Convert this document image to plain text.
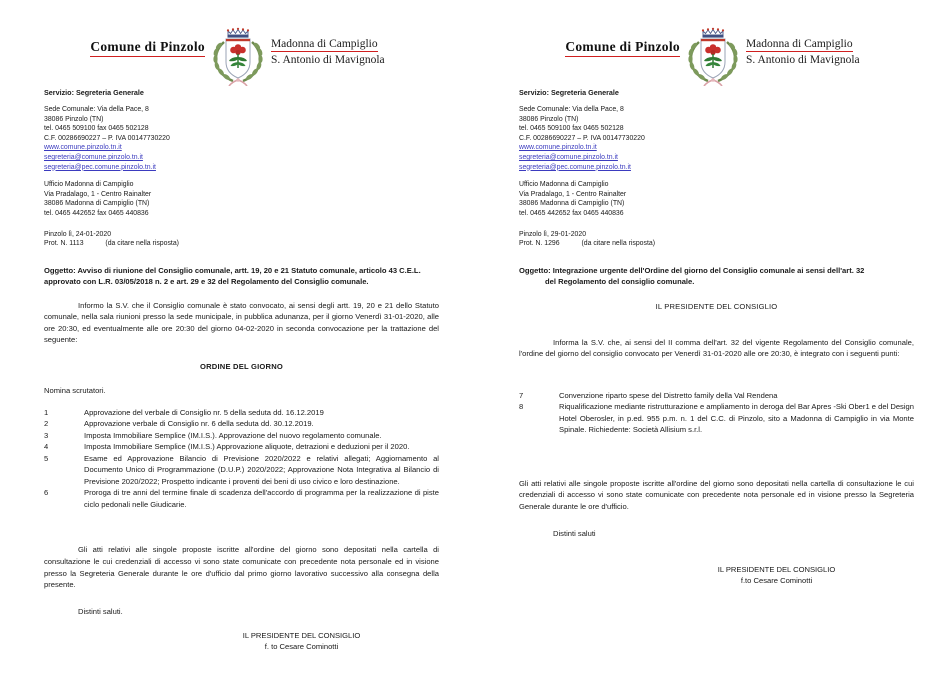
Comune di Pinzolo	Madonna di Campiglio
S. Antonio di Mavignola
Servizio: Segreteria Generale
Sede Comunale: Via della Pace, 8
38086 Pinzolo (TN)
tel. 0465 509100 fax 0465 502128
C.F. 00286690227 – P. IVA 00147730220
www.comune.pinzolo.tn.it
segreteria@comune.pinzolo.tn.it
segreteria@pec.comune.pinzolo.tn.it
Ufficio Madonna di Campiglio
Via Pradalago, 1 - Centro Rainalter
38086 Madonna di Campiglio (TN)
tel. 0465 442652 fax 0465 440836
Pinzolo lì, 24-01-2020
Prot. N. 1113	(da citare nella risposta)
Oggetto: Avviso di riunione del Consiglio comunale, artt. 19, 20 e 21 Statuto comunale, articolo 43 C.E.L.
approvato con L.R. 03/05/2018 n. 2 e art. 29 e 32 del Regolamento del Consiglio comunale.
Informo la S.V. che il Consiglio comunale è stato convocato, ai sensi degli artt. 19, 20 e 21 dello Statuto comunale, nella sala riunioni presso la sede municipale, in pubblica adunanza, per il giorno Venerdì 31-01-2020, alle ore 20:30, ed eventualmente alle ore 20:30 del giorno 04-02-2020 in seconda convocazione per la trattazione del seguente:
ORDINE DEL GIORNO
Nomina scrutatori.
1	Approvazione del verbale di Consiglio nr. 5 della seduta dd. 16.12.2019
2	Approvazione verbale di Consiglio nr. 6 della seduta dd. 30.12.2019.
3	Imposta Immobiliare Semplice (IM.I.S.). Approvazione del nuovo regolamento comunale.
4	Imposta Immobiliare Semplice (IM.I.S.) Approvazione aliquote, detrazioni e deduzioni per il 2020.
5	Esame ed Approvazione Bilancio di Previsione 2020/2022 e relativi allegati; Aggiornamento al Documento Unico di Programmazione (D.U.P.) 2020/2022; Approvazione Nota Integrativa al Bilancio di Previsione 2020/2022; Prospetto indicante i proventi dei beni di uso civico e loro destinazione.
6	Proroga di tre anni del termine finale di scadenza dell'accordo di programma per la realizzazione di piste ciclo pedonali nelle Giudicarie.
Gli atti relativi alle singole proposte iscritte all'ordine del giorno sono depositati nella cartella di consultazione le cui credenziali di accesso vi sono state comunicate con precedente nota personale ed in visione presso la Segreteria Generale durante le ore d'ufficio dal primo giorno lavorativo successivo alla consegna della presente.
Distinti saluti.
IL PRESIDENTE DEL CONSIGLIO
f. to Cesare Cominotti
Comune di Pinzolo	Madonna di Campiglio
S. Antonio di Mavignola
Servizio: Segreteria Generale
Sede Comunale: Via della Pace, 8
38086 Pinzolo (TN)
tel. 0465 509100 fax 0465 502128
C.F. 00286690227 – P. IVA 00147730220
www.comune.pinzolo.tn.it
segreteria@comune.pinzolo.tn.it
segreteria@pec.comune.pinzolo.tn.it
Ufficio Madonna di Campiglio
Via Pradalago, 1 - Centro Rainalter
38086 Madonna di Campiglio (TN)
tel. 0465 442652 fax 0465 440836
Pinzolo lì, 29-01-2020
Prot. N. 1296	(da citare nella risposta)
Oggetto: Integrazione urgente dell'Ordine del giorno del Consiglio comunale ai sensi dell'art. 32
del Regolamento del consiglio comunale.
IL PRESIDENTE DEL CONSIGLIO
Informa la S.V. che, ai sensi del II comma dell'art. 32 del vigente Regolamento del Consiglio comunale, l'ordine del giorno del consiglio convocato per Venerdì 31-01-2020 alle ore 20:30, è integrato con i seguenti punti:
7	Convenzione riparto spese del Distretto family della Val Rendena
8	Riqualificazione mediante ristrutturazione e ampliamento in deroga del Bar Apres -Ski Ober1 e del Design Hotel Oberosler, in p.ed. 955 p.m. n. 1 del C.C. di Pinzolo, sito a Madonna di Campiglio in via Monte Spinale. Richiedente: Società Allisium s.r.l.
Gli atti relativi alle singole proposte iscritte all'ordine del giorno sono depositati nella cartella di consultazione le cui credenziali di accesso vi sono state comunicate con precedente nota personale ed in visione presso la Segreteria Generale durante le ore d'ufficio.
Distinti saluti
IL PRESIDENTE DEL CONSIGLIO
f.to Cesare Cominotti
